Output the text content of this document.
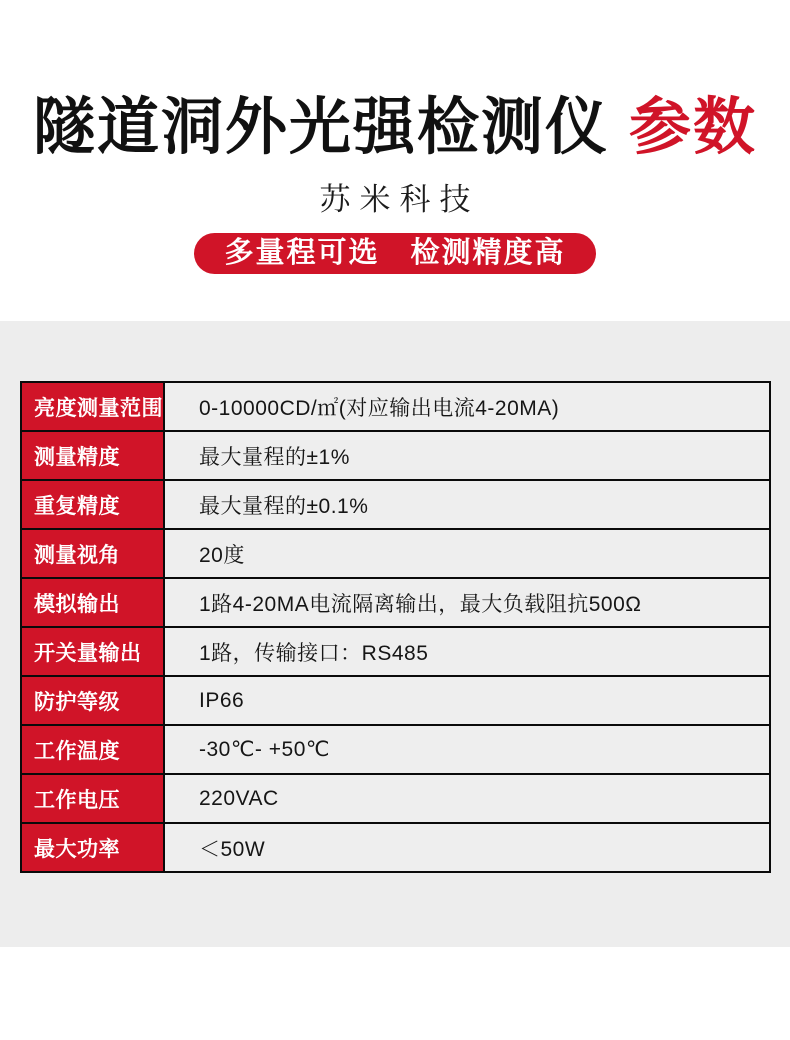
隧道洞外光强检测仪 参数
苏米科技
多量程可选　检测精度高
亮度测量范围	0-10000CD/㎡(对应输出电流4-20MA)
测量精度	最大量程的±1%
重复精度	最大量程的±0.1%
测量视角	20度
模拟输出	1路4-20MA电流隔离输出，最大负载阻抗500Ω
开关量输出	1路，传输接口：RS485
防护等级	IP66
工作温度	-30℃- +50℃
工作电压	220VAC
最大功率	＜50W
